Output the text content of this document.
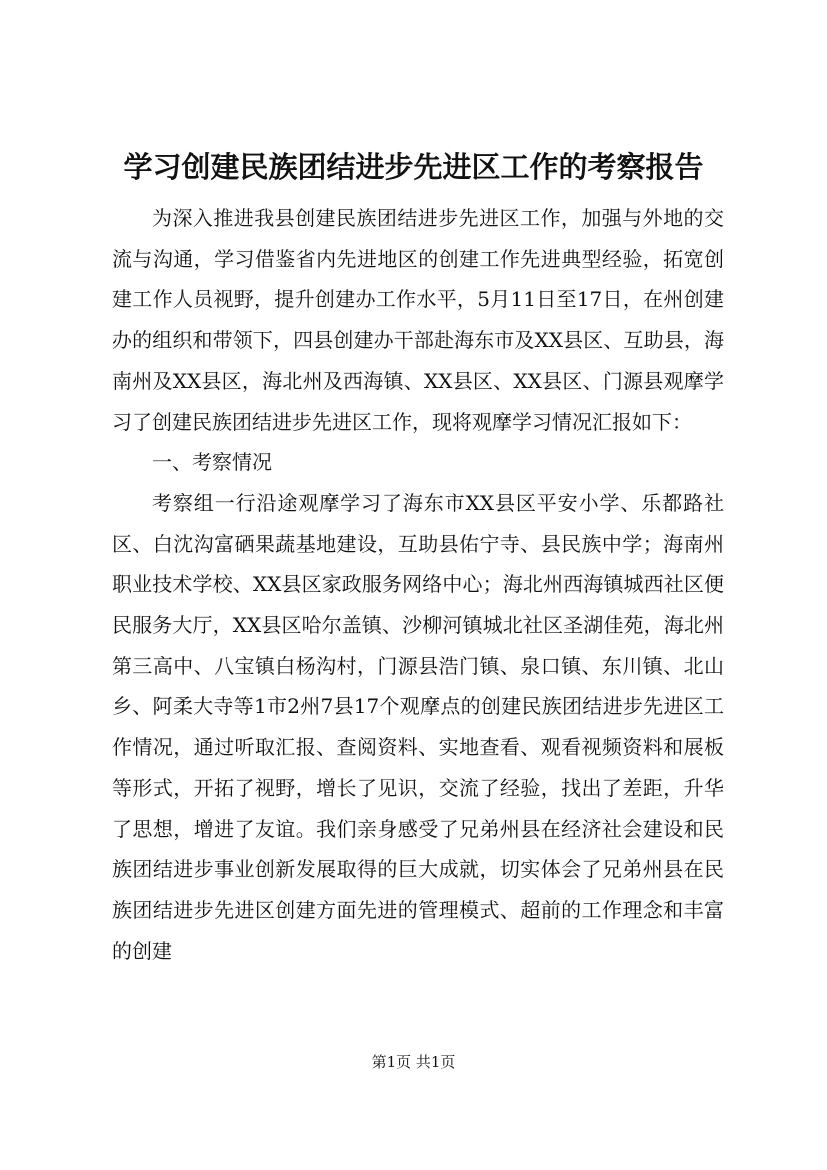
学习创建民族团结进步先进区工作的考察报告

为深入推进我县创建民族团结进步先进区工作，加强与外地的交流与沟通，学习借鉴省内先进地区的创建工作先进典型经验，拓宽创建工作人员视野，提升创建办工作水平，5月11日至17日，在州创建办的组织和带领下，四县创建办干部赴海东市及XX县区、互助县，海南州及XX县区，海北州及西海镇、XX县区、XX县区、门源县观摩学习了创建民族团结进步先进区工作，现将观摩学习情况汇报如下：

一、考察情况

考察组一行沿途观摩学习了海东市XX县区平安小学、乐都路社区、白沈沟富硒果蔬基地建设，互助县佑宁寺、县民族中学；海南州职业技术学校、XX县区家政服务网络中心；海北州西海镇城西社区便民服务大厅，XX县区哈尔盖镇、沙柳河镇城北社区圣湖佳苑，海北州第三高中、八宝镇白杨沟村，门源县浩门镇、泉口镇、东川镇、北山乡、阿柔大寺等1市2州7县17个观摩点的创建民族团结进步先进区工作情况，通过听取汇报、查阅资料、实地查看、观看视频资料和展板等形式，开拓了视野，增长了见识，交流了经验，找出了差距，升华了思想，增进了友谊。我们亲身感受了兄弟州县在经济社会建设和民族团结进步事业创新发展取得的巨大成就，切实体会了兄弟州县在民族团结进步先进区创建方面先进的管理模式、超前的工作理念和丰富的创建

第1页 共1页
